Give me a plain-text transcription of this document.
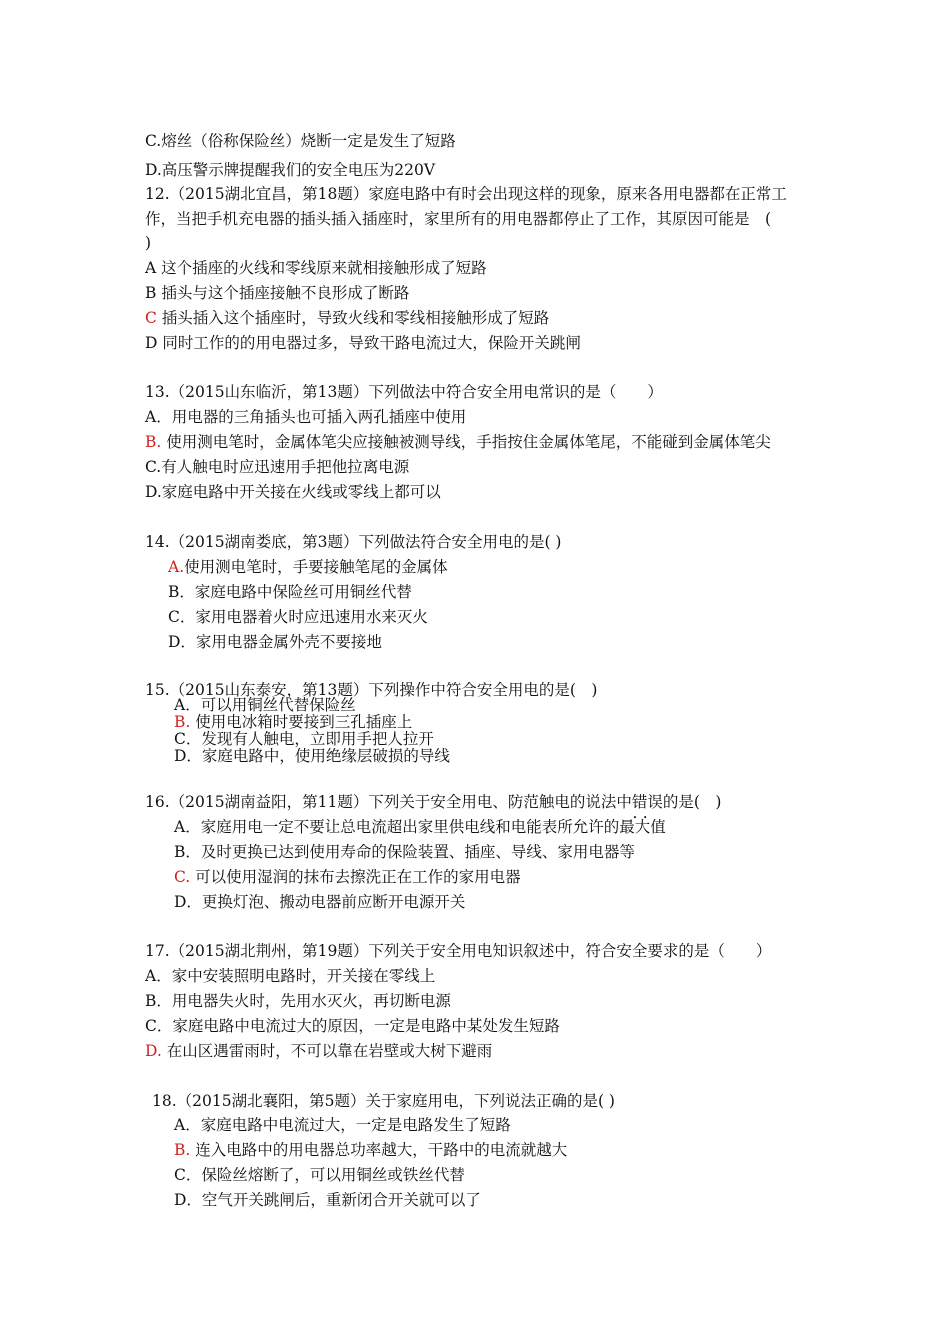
C.熔丝（俗称保险丝）烧断一定是发生了短路
D.高压警示牌提醒我们的安全电压为220V
12.（2015湖北宜昌，第18题）家庭电路中有时会出现这样的现象，原来各用电器都在正常工
作，当把手机充电器的插头插入插座时，家里所有的用电器都停止了工作，其原因可能是　(
)
A 这个插座的火线和零线原来就相接触形成了短路
B 插头与这个插座接触不良形成了断路
C 插头插入这个插座时，导致火线和零线相接触形成了短路
D 同时工作的的用电器过多，导致干路电流过大，保险开关跳闸
13.（2015山东临沂，第13题）下列做法中符合安全用电常识的是（　　）
A．用电器的三角插头也可插入两孔插座中使用
B. 使用测电笔时，金属体笔尖应接触被测导线，手指按住金属体笔尾，不能碰到金属体笔尖
C.有人触电时应迅速用手把他拉离电源
D.家庭电路中开关接在火线或零线上都可以
14.（2015湖南娄底，第3题）下列做法符合安全用电的是( )
A.使用测电笔时，手要接触笔尾的金属体
B．家庭电路中保险丝可用铜丝代替
C．家用电器着火时应迅速用水来灭火
D．家用电器金属外壳不要接地
15.（2015山东泰安，第13题）下列操作中符合安全用电的是(　)
A．可以用铜丝代替保险丝
B. 使用电冰箱时要接到三孔插座上
C．发现有人触电，立即用手把人拉开
D．家庭电路中，使用绝缘层破损的导线
16.（2015湖南益阳，第11题）下列关于安全用电、防范触电的说法中错误 • •的是(　)
A．家庭用电一定不要让总电流超出家里供电线和电能表所允许的最大值
B．及时更换已达到使用寿命的保险装置、插座、导线、家用电器等
C. 可以使用湿润的抹布去擦洗正在工作的家用电器
D．更换灯泡、搬动电器前应断开电源开关
17.（2015湖北荆州，第19题）下列关于安全用电知识叙述中，符合安全要求的是（　　）
A．家中安装照明电路时，开关接在零线上
B．用电器失火时，先用水灭火，再切断电源
C．家庭电路中电流过大的原因，一定是电路中某处发生短路
D. 在山区遇雷雨时，不可以靠在岩壁或大树下避雨
18.（2015湖北襄阳，第5题）关于家庭用电，下列说法正确的是( )
A．家庭电路中电流过大，一定是电路发生了短路
B. 连入电路中的用电器总功率越大，干路中的电流就越大
C．保险丝熔断了，可以用铜丝或铁丝代替
D．空气开关跳闸后，重新闭合开关就可以了
